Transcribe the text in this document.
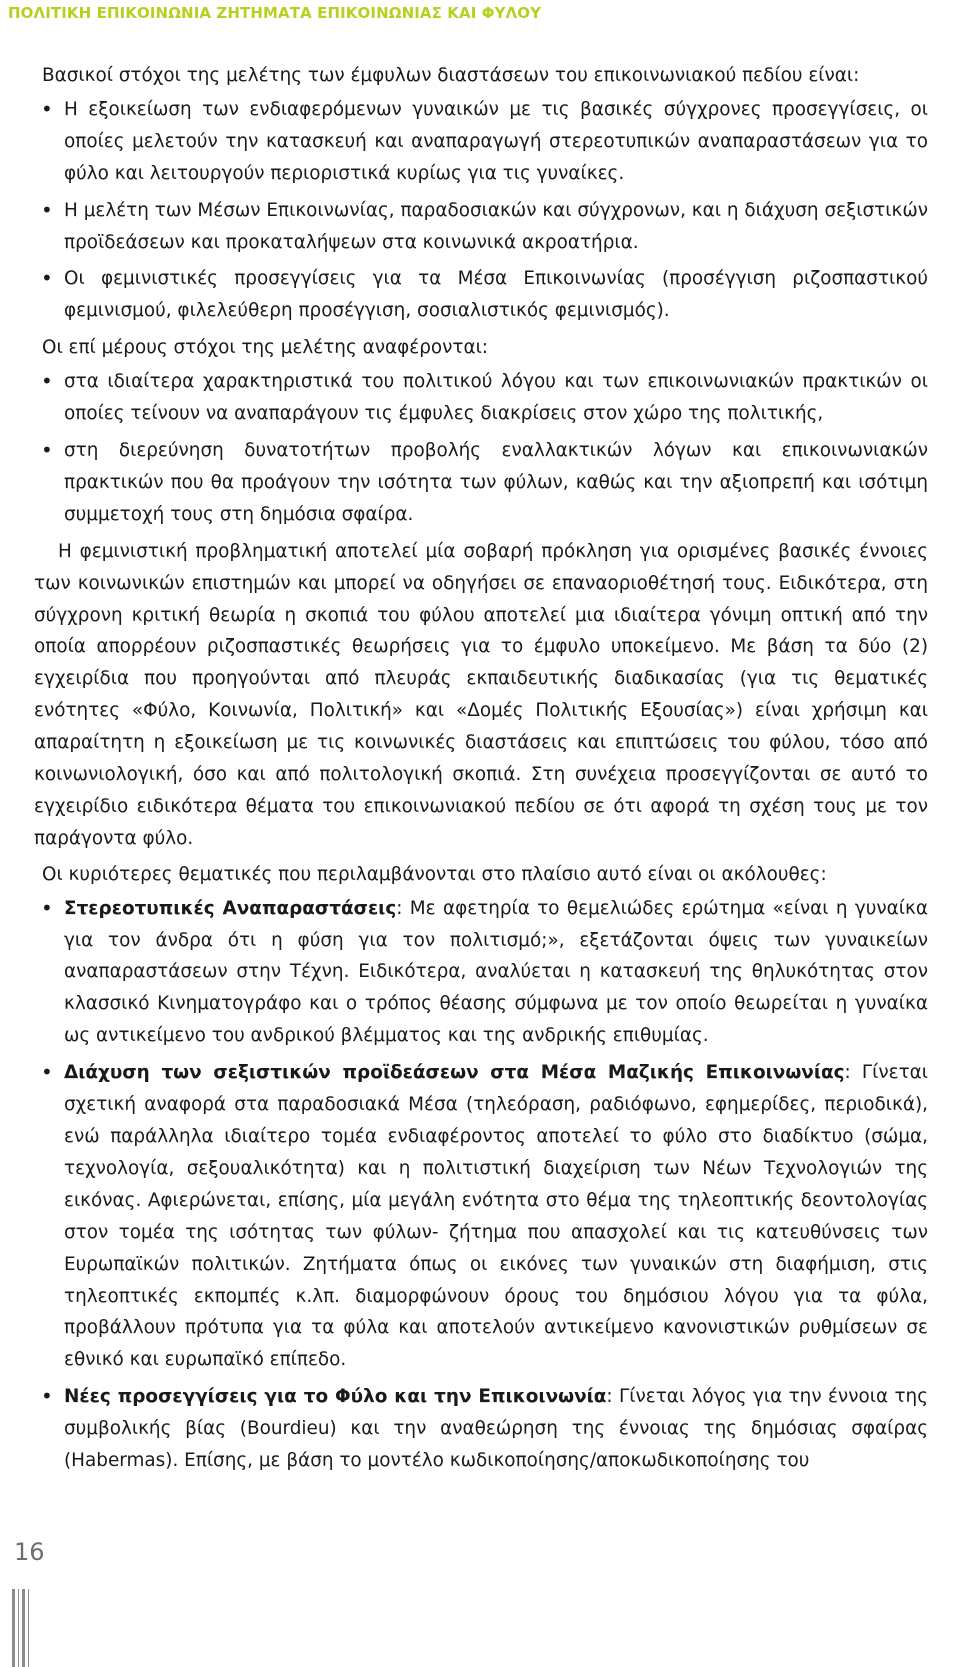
ΠΟΛΙΤΙΚΗ ΕΠΙΚΟΙΝΩΝΙΑ ΖΗΤΗΜΑΤΑ ΕΠΙΚΟΙΝΩΝΙΑΣ ΚΑΙ ΦΥΛΟΥ

Βασικοί στόχοι της μελέτης των έμφυλων διαστάσεων του επικοινωνιακού πεδίου είναι:

• Η εξοικείωση των ενδιαφερόμενων γυναικών με τις βασικές σύγχρονες προσεγγίσεις, οι οποίες μελετούν την κατασκευή και αναπαραγωγή στερεοτυπικών αναπαραστάσεων για το φύλο και λειτουργούν περιοριστικά κυρίως για τις γυναίκες.
• Η μελέτη των Μέσων Επικοινωνίας, παραδοσιακών και σύγχρονων, και η διάχυση σεξιστικών προϊδεάσεων και προκαταλήψεων στα κοινωνικά ακροατήρια.
• Οι φεμινιστικές προσεγγίσεις για τα Μέσα Επικοινωνίας (προσέγγιση ριζοσπαστικού φεμινισμού, φιλελεύθερη προσέγγιση, σοσιαλιστικός φεμινισμός).

Οι επί μέρους στόχοι της μελέτης αναφέρονται:

• στα ιδιαίτερα χαρακτηριστικά του πολιτικού λόγου και των επικοινωνιακών πρακτικών οι οποίες τείνουν να αναπαράγουν τις έμφυλες διακρίσεις στον χώρο της πολιτικής,
• στη διερεύνηση δυνατοτήτων προβολής εναλλακτικών λόγων και επικοινωνιακών πρακτικών που θα προάγουν την ισότητα των φύλων, καθώς και την αξιοπρεπή και ισότιμη συμμετοχή τους στη δημόσια σφαίρα.

Η φεμινιστική προβληματική αποτελεί μία σοβαρή πρόκληση για ορισμένες βασικές έννοιες των κοινωνικών επιστημών και μπορεί να οδηγήσει σε επαναοριοθέτησή τους. Ειδικότερα, στη σύγχρονη κριτική θεωρία η σκοπιά του φύλου αποτελεί μια ιδιαίτερα γόνιμη οπτική από την οποία απορρέουν ριζοσπαστικές θεωρήσεις για το έμφυλο υποκείμενο. Με βάση τα δύο (2) εγχειρίδια που προηγούνται από πλευράς εκπαιδευτικής διαδικασίας (για τις θεματικές ενότητες «Φύλο, Κοινωνία, Πολιτική» και «Δομές Πολιτικής Εξουσίας») είναι χρήσιμη και απαραίτητη η εξοικείωση με τις κοινωνικές διαστάσεις και επιπτώσεις του φύλου, τόσο από κοινωνιολογική, όσο και από πολιτολογική σκοπιά. Στη συνέχεια προσεγγίζονται σε αυτό το εγχειρίδιο ειδικότερα θέματα του επικοινωνιακού πεδίου σε ότι αφορά τη σχέση τους με τον παράγοντα φύλο.

Οι κυριότερες θεματικές που περιλαμβάνονται στο πλαίσιο αυτό είναι οι ακόλουθες:

• Στερεοτυπικές Αναπαραστάσεις: Με αφετηρία το θεμελιώδες ερώτημα «είναι η γυναίκα για τον άνδρα ότι η φύση για τον πολιτισμό;», εξετάζονται όψεις των γυναικείων αναπαραστάσεων στην Τέχνη. Ειδικότερα, αναλύεται η κατασκευή της θηλυκότητας στον κλασσικό Κινηματογράφο και ο τρόπος θέασης σύμφωνα με τον οποίο θεωρείται η γυναίκα ως αντικείμενο του ανδρικού βλέμματος και της ανδρικής επιθυμίας.
• Διάχυση των σεξιστικών προϊδεάσεων στα Μέσα Μαζικής Επικοινωνίας: Γίνεται σχετική αναφορά στα παραδοσιακά Μέσα (τηλεόραση, ραδιόφωνο, εφημερίδες, περιοδικά), ενώ παράλληλα ιδιαίτερο τομέα ενδιαφέροντος αποτελεί το φύλο στο διαδίκτυο (σώμα, τεχνολογία, σεξουαλικότητα) και η πολιτιστική διαχείριση των Νέων Τεχνολογιών της εικόνας. Αφιερώνεται, επίσης, μία μεγάλη ενότητα στο θέμα της τηλεοπτικής δεοντολογίας στον τομέα της ισότητας των φύλων- ζήτημα που απασχολεί και τις κατευθύνσεις των Ευρωπαϊκών πολιτικών. Ζητήματα όπως οι εικόνες των γυναικών στη διαφήμιση, στις τηλεοπτικές εκπομπές κ.λπ. διαμορφώνουν όρους του δημόσιου λόγου για τα φύλα, προβάλλουν πρότυπα για τα φύλα και αποτελούν αντικείμενο κανονιστικών ρυθμίσεων σε εθνικό και ευρωπαϊκό επίπεδο.
• Νέες προσεγγίσεις για το Φύλο και την Επικοινωνία: Γίνεται λόγος για την έννοια της συμβολικής βίας (Bourdieu) και την αναθεώρηση της έννοιας της δημόσιας σφαίρας (Habermas). Επίσης, με βάση το μοντέλο κωδικοποίησης/αποκωδικοποίησης του
16
